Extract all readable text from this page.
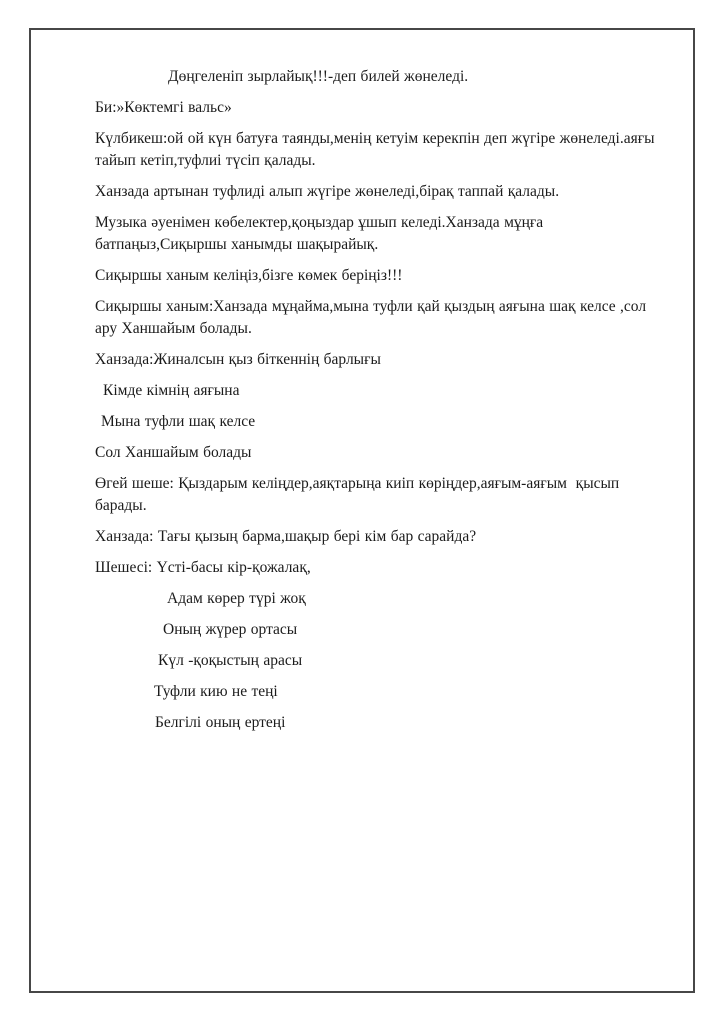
Дөңгеленіп зырлайық!!!-деп билей жөнеледі.

Би:»Көктемгі вальс»

Күлбикеш:ой ой күн батуға таянды,менің кетуім керекпін деп жүгіре жөнеледі.аяғы тайып кетіп,туфлиі түсіп қалады.

Ханзада артынан туфлиді алып жүгіре жөнеледі,бірақ таппай қалады.

Музыка әуенімен көбелектер,қоңыздар ұшып келеді.Ханзада мұңға батпаңыз,Сиқыршы ханымды шақырайық.

Сиқыршы ханым келіңіз,бізге көмек беріңіз!!!

Сиқыршы ханым:Ханзада мұңайма,мына туфли қай қыздың аяғына шақ келсе ,сол ару Ханшайым болады.

Ханзада:Жиналсын қыз біткеннің барлығы

Кімде кімнің аяғына

Мына туфли шақ келсе

Сол Ханшайым болады

Өгей шеше: Қыздарым келіңдер,аяқтарыңа киіп көріңдер,аяғым-аяғым  қысып барады.

Ханзада: Тағы қызың барма,шақыр бері кім бар сарайда?

Шешесі: Үсті-басы кір-қожалақ,

Адам көрер түрі жоқ

Оның жүрер ортасы

Күл -қоқыстың арасы

Туфли кию не теңі

Белгілі оның ертеңі
